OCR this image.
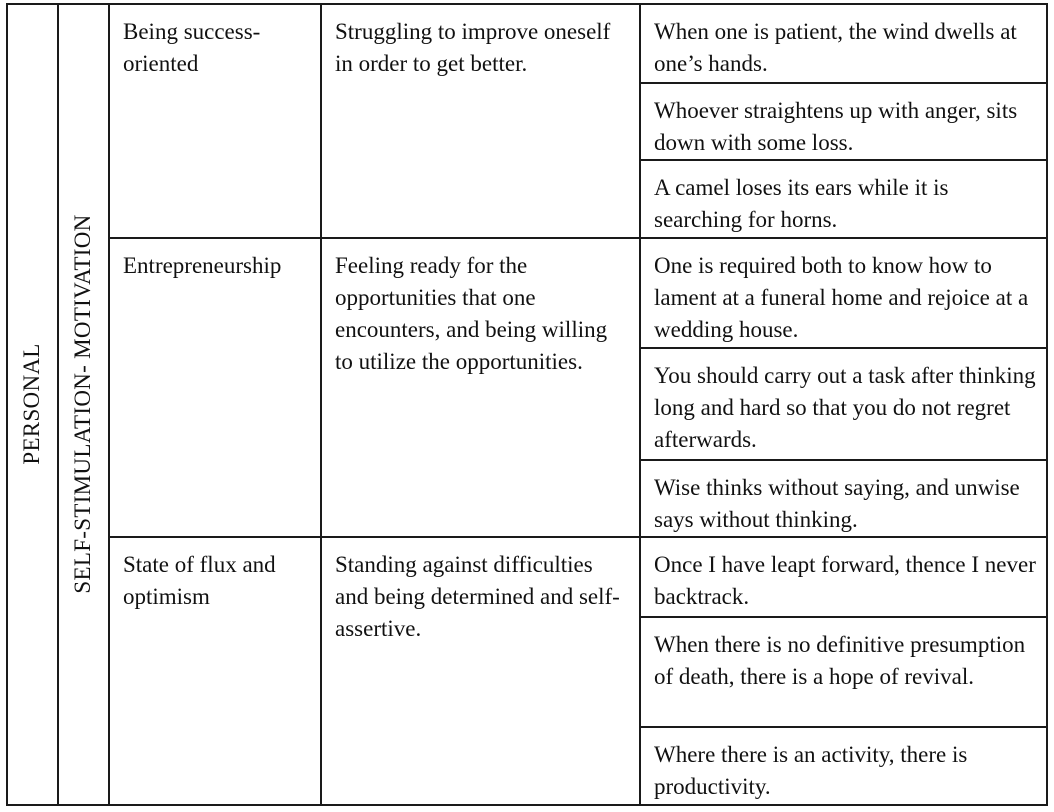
PERSONAL SELF-STIMULATION- MOTIVATION
Being success-oriented
Struggling to improve oneself in order to get better.
When one is patient, the wind dwells at one’s hands.
Whoever straightens up with anger, sits down with some loss.
A camel loses its ears while it is searching for horns.
Entrepreneurship	Feeling ready for the opportunities that one encounters, and being willing to utilize the opportunities.
One is required both to know how to lament at a funeral home and rejoice at a wedding house.
You should carry out a task after thinking long and hard so that you do not regret afterwards.
Wise thinks without saying, and unwise says without thinking.
State of flux and optimism
Standing against difficulties and being determined and self-assertive.
Once I have leapt forward, thence I never backtrack.
When there is no definitive presumption of death, there is a hope of revival.
Where there is an activity, there is productivity.
